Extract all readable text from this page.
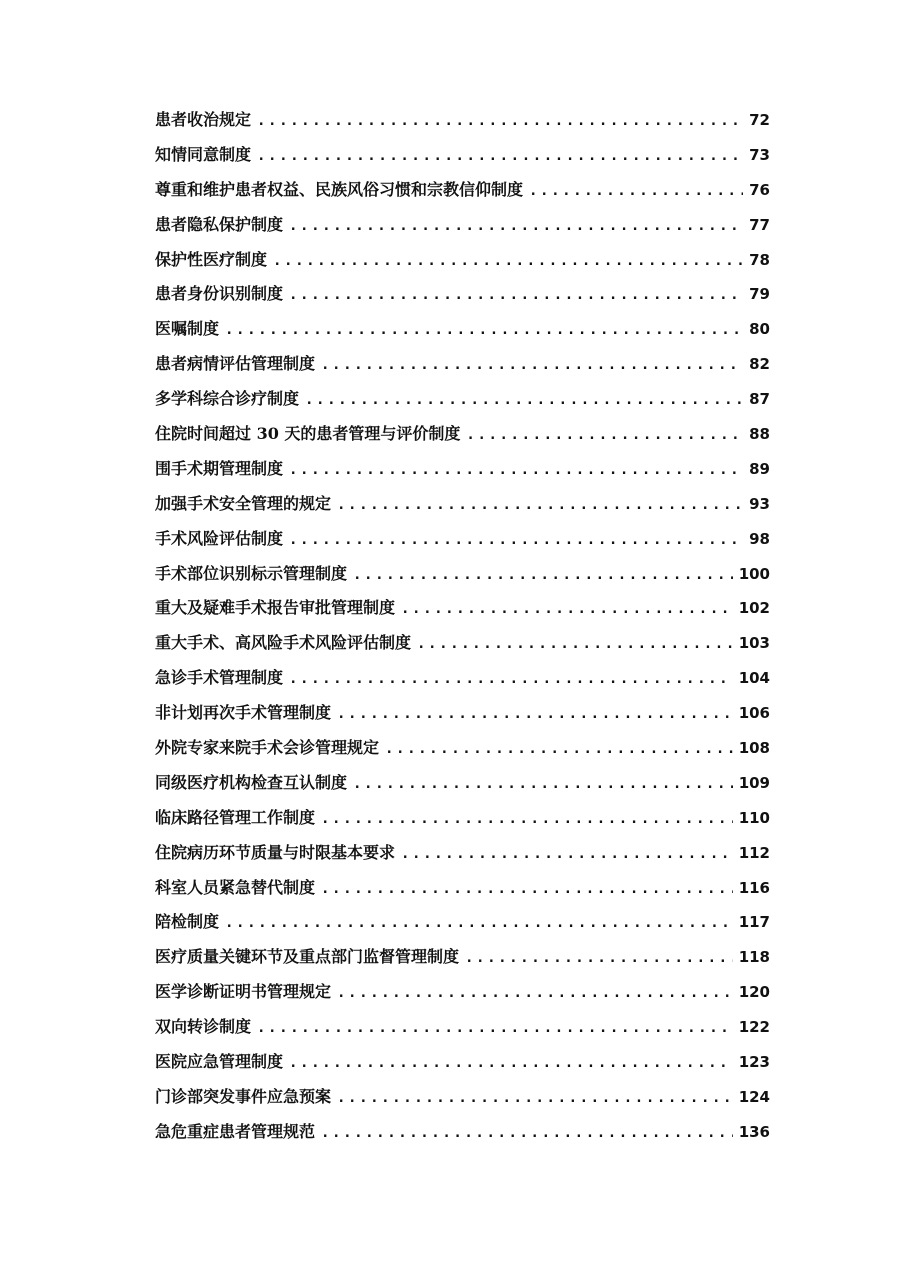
患者收治规定 .....	72
知情同意制度 .....	73
尊重和维护患者权益、民族风俗习惯和宗教信仰制度 .....	76
患者隐私保护制度 .....	77
保护性医疗制度 .....	78
患者身份识别制度 .....	79
医嘱制度 .....	80
患者病情评估管理制度 .....	82
多学科综合诊疗制度 .....	87
住院时间超过 30 天的患者管理与评价制度 .....	88
围手术期管理制度 .....	89
加强手术安全管理的规定 .....	93
手术风险评估制度 .....	98
手术部位识别标示管理制度 .....	100
重大及疑难手术报告审批管理制度 .....	102
重大手术、高风险手术风险评估制度 .....	103
急诊手术管理制度 .....	104
非计划再次手术管理制度 .....	106
外院专家来院手术会诊管理规定 .....	108
同级医疗机构检查互认制度 .....	109
临床路径管理工作制度 .....	110
住院病历环节质量与时限基本要求 .....	112
科室人员紧急替代制度 .....	116
陪检制度 .....	117
医疗质量关键环节及重点部门监督管理制度 .....	118
医学诊断证明书管理规定 .....	120
双向转诊制度 .....	122
医院应急管理制度 .....	123
门诊部突发事件应急预案 .....	124
急危重症患者管理规范 .....	136
